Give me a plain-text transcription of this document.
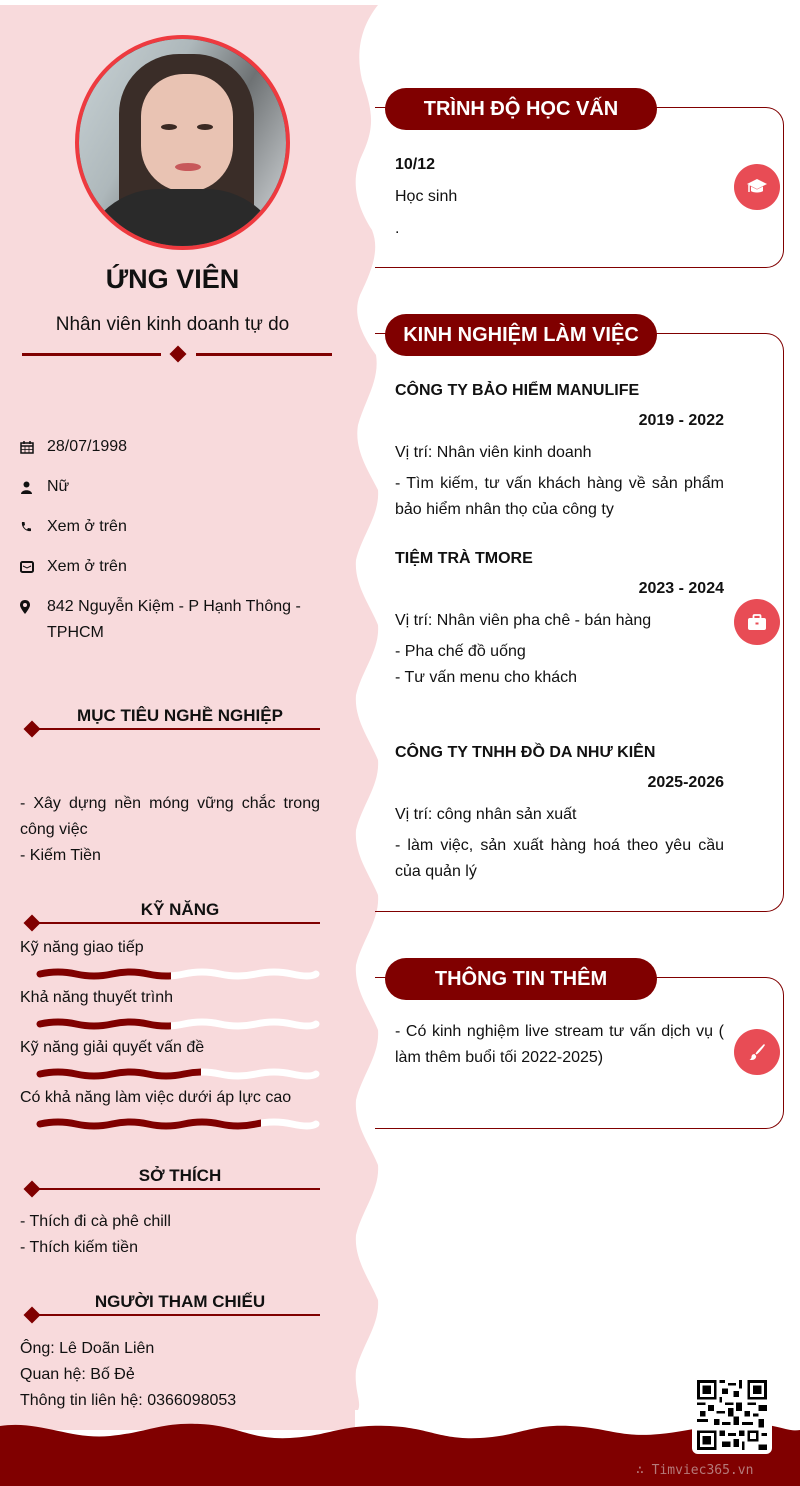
ỨNG VIÊN
Nhân viên kinh doanh tự do
28/07/1998
Nữ
Xem ở trên
Xem ở trên
842 Nguyễn Kiệm - P Hạnh Thông - TPHCM
MỤC TIÊU NGHỀ NGHIỆP
- Xây dựng nền móng vững chắc trong công việc
- Kiếm Tiền
KỸ NĂNG
Kỹ năng giao tiếp
Khả năng thuyết trình
Kỹ năng giải quyết vấn đề
Có khả năng làm việc dưới áp lực cao
SỞ THÍCH
- Thích đi cà phê chill
- Thích kiếm tiền
NGƯỜI THAM CHIẾU
Ông: Lê Doãn Liên
Quan hệ: Bố Đẻ
Thông tin liên hệ: 0366098053
TRÌNH ĐỘ HỌC VẤN
10/12
Học sinh
.
KINH NGHIỆM LÀM VIỆC
CÔNG TY BẢO HIỂM MANULIFE
2019 - 2022
Vị trí: Nhân viên kinh doanh
- Tìm kiếm, tư vấn khách hàng về sản phẩm bảo hiểm nhân thọ của công ty
TIỆM TRÀ TMORE
2023 - 2024
Vị trí: Nhân viên pha chê - bán hàng
- Pha chế đồ uống
- Tư vấn menu cho khách
CÔNG TY TNHH ĐỒ DA NHƯ KIÊN
2025-2026
Vị trí: công nhân sản xuất
- làm việc, sản xuất hàng hoá theo yêu cầu của quản lý
THÔNG TIN THÊM
- Có kinh nghiệm live stream tư vấn dịch vụ ( làm thêm buổi tối 2022-2025)
∴ Timviec365.vn
